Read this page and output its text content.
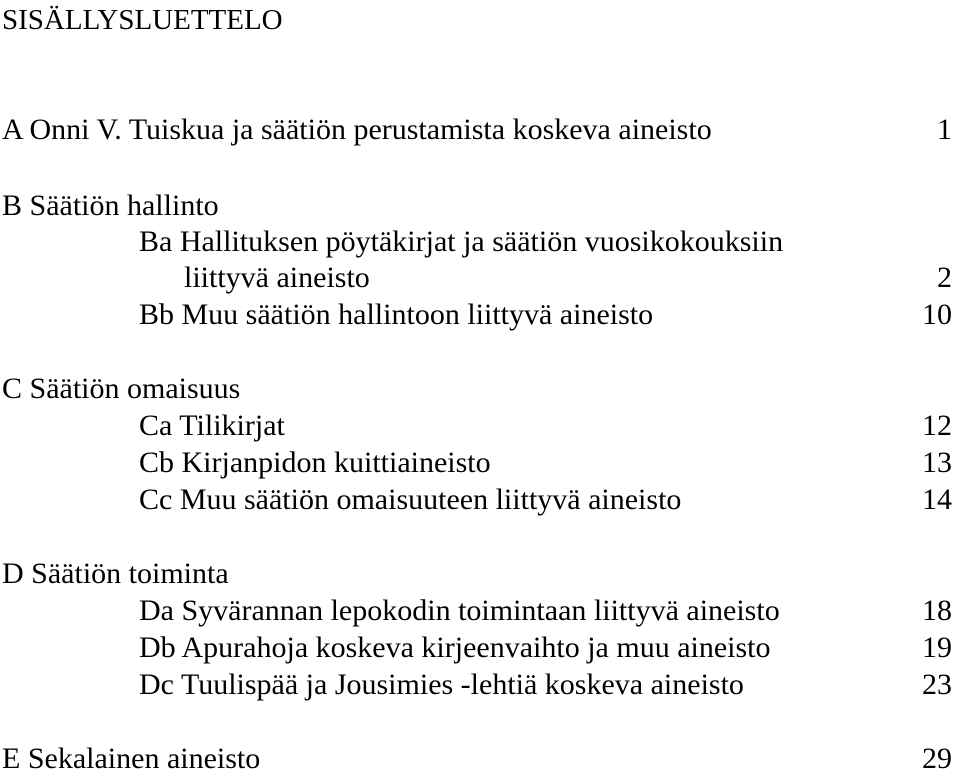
SISÄLLYSLUETTELO
A Onni V. Tuiskua ja säätiön perustamista koskeva aineisto	1
B Säätiön hallinto
Ba Hallituksen pöytäkirjat ja säätiön vuosikokouksiin
liittyvä aineisto	2
Bb Muu säätiön hallintoon liittyvä aineisto	10
C Säätiön omaisuus
Ca Tilikirjat	12
Cb Kirjanpidon kuittiaineisto	13
Cc Muu säätiön omaisuuteen liittyvä aineisto	14
D Säätiön toiminta
Da Syvärannan lepokodin toimintaan liittyvä aineisto	18
Db Apurahoja koskeva kirjeenvaihto ja muu aineisto	19
Dc Tuulispää ja Jousimies -lehtiä koskeva aineisto	23
E Sekalainen aineisto	29
